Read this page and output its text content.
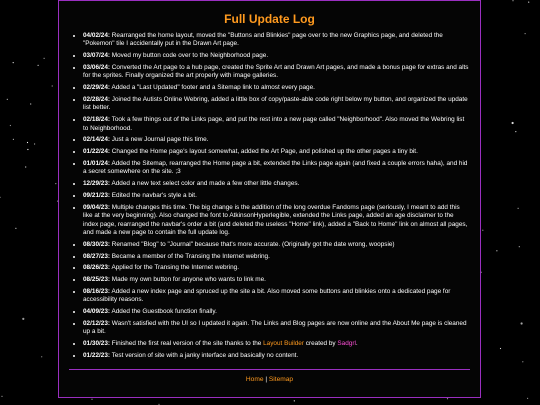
Full Update Log
• 04/02/24: Rearranged the home layout, moved the "Buttons and Blinkies" page over to the new Graphics page, and deleted the "Pokemon" tile I accidentally put in the Drawn Art page.
• 03/07/24: Moved my button code over to the Neighborhood page.
• 03/06/24: Converted the Art page to a hub page, created the Sprite Art and Drawn Art pages, and made a bonus page for extras and alts for the sprites. Finally organized the art properly with image galleries.
• 02/29/24: Added a "Last Updated" footer and a Sitemap link to almost every page.
• 02/28/24: Joined the Autists Online Webring, added a little box of copy/paste-able code right below my button, and organized the update list better.
• 02/18/24: Took a few things out of the Links page, and put the rest into a new page called "Neighborhood". Also moved the Webring list to Neighborhood.
• 02/14/24: Just a new Journal page this time.
• 01/22/24: Changed the Home page's layout somewhat, added the Art Page, and polished up the other pages a tiny bit.
• 01/01/24: Added the Sitemap, rearranged the Home page a bit, extended the Links page again (and fixed a couple errors haha), and hid a secret somewhere on the site. ;3
• 12/29/23: Added a new text select color and made a few other little changes.
• 09/21/23: Edited the navbar's style a bit.
• 09/04/23: Multiple changes this time. The big change is the addition of the long overdue Fandoms page (seriously, I meant to add this like at the very beginning). Also changed the font to AtkinsonHyperlegible, extended the Links page, added an age disclaimer to the index page, rearranged the navbar's order a bit (and deleted the useless "Home" link), added a "Back to Home" link on almost all pages, and made a new page to contain the full update log.
• 08/30/23: Renamed "Blog" to "Journal" because that's more accurate. (Originally got the date wrong, woopsie)
• 08/27/23: Became a member of the Transing the Internet webring.
• 08/26/23: Applied for the Transing the Internet webring.
• 08/25/23: Made my own button for anyone who wants to link me.
• 08/16/23: Added a new index page and spruced up the site a bit. Also moved some buttons and blinkies onto a dedicated page for accessibility reasons.
• 04/09/23: Added the Guestbook function finally.
• 02/12/23: Wasn't satisfied with the UI so I updated it again. The Links and Blog pages are now online and the About Me page is cleaned up a bit.
• 01/30/23: Finished the first real version of the site thanks to the Layout Builder created by Sadgrl.
• 01/22/23: Test version of site with a janky interface and basically no content.
Home | Sitemap
